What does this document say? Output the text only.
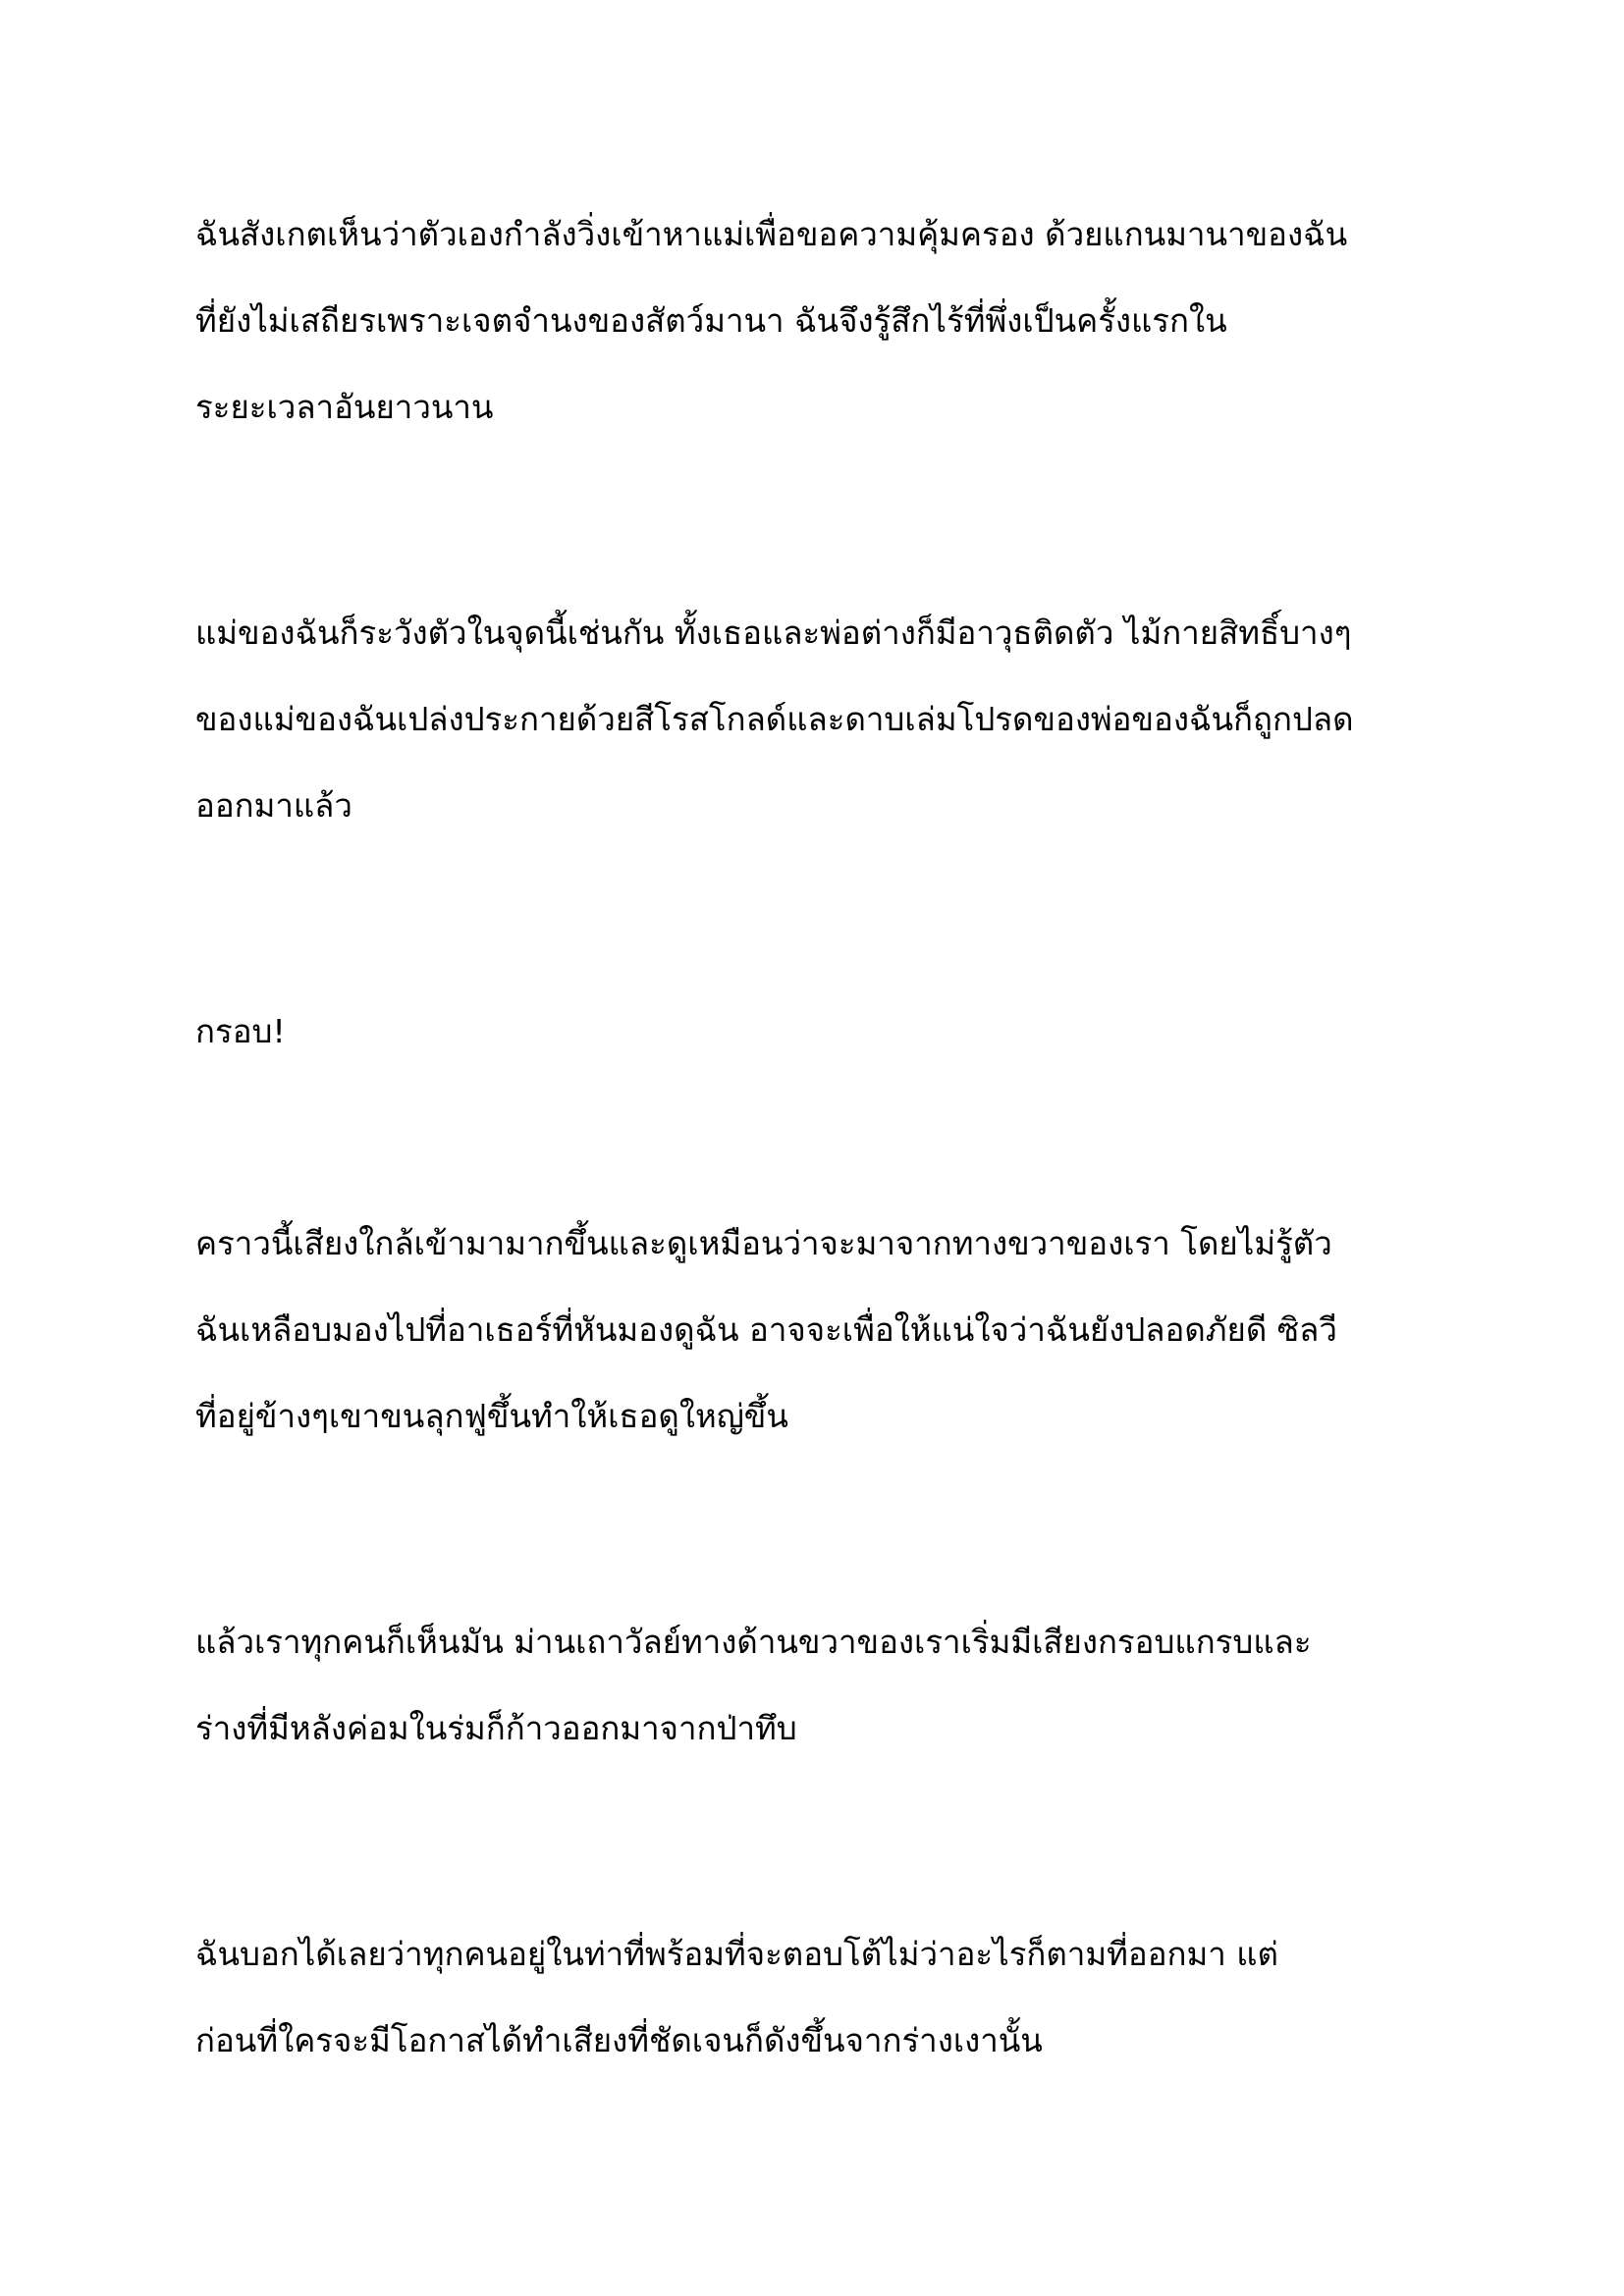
ฉันสังเกตเห็นว่าตัวเองกำลังวิ่งเข้าหาแม่เพื่อขอความคุ้มครอง ด้วยแกนมานาของฉัน
ที่ยังไม่เสถียรเพราะเจตจำนงของสัตว์มานา ฉันจึงรู้สึกไร้ที่พึ่งเป็นครั้งแรกใน
ระยะเวลาอันยาวนาน

แม่ของฉันก็ระวังตัวในจุดนี้เช่นกัน ทั้งเธอและพ่อต่างก็มีอาวุธติดตัว ไม้กายสิทธิ์บางๆ
ของแม่ของฉันเปล่งประกายด้วยสีโรสโกลด์และดาบเล่มโปรดของพ่อของฉันก็ถูกปลด
ออกมาแล้ว

กรอบ!

คราวนี้เสียงใกล้เข้ามามากขึ้นและดูเหมือนว่าจะมาจากทางขวาของเรา โดยไม่รู้ตัว
ฉันเหลือบมองไปที่อาเธอร์ที่หันมองดูฉัน อาจจะเพื่อให้แน่ใจว่าฉันยังปลอดภัยดี ซิลวี
ที่อยู่ข้างๆเขาขนลุกฟูขึ้นทำให้เธอดูใหญ่ขึ้น

แล้วเราทุกคนก็เห็นมัน ม่านเถาวัลย์ทางด้านขวาของเราเริ่มมีเสียงกรอบแกรบและ
ร่างที่มีหลังค่อมในร่มก็ก้าวออกมาจากป่าทึบ

ฉันบอกได้เลยว่าทุกคนอยู่ในท่าที่พร้อมที่จะตอบโต้ไม่ว่าอะไรก็ตามที่ออกมา แต่
ก่อนที่ใครจะมีโอกาสได้ทำเสียงที่ชัดเจนก็ดังขึ้นจากร่างเงานั้น
